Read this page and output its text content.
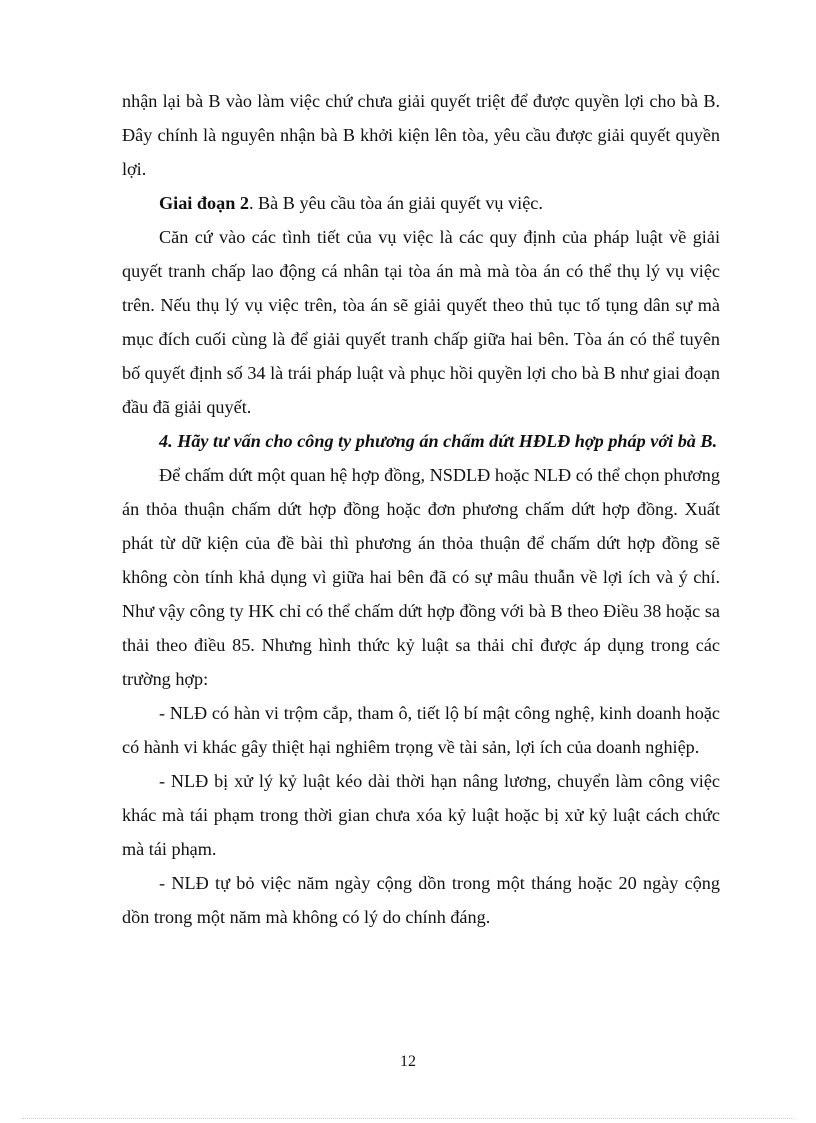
nhận lại bà B vào làm việc chứ chưa giải quyết triệt để được quyền lợi cho bà B. Đây chính là nguyên nhận bà B khởi kiện lên tòa, yêu cầu được giải quyết quyền lợi.

Giai đoạn 2. Bà B yêu cầu tòa án giải quyết vụ việc.

Căn cứ vào các tình tiết của vụ việc là các quy định của pháp luật về giải quyết tranh chấp lao động cá nhân tại tòa án mà mà tòa án có thể thụ lý vụ việc trên. Nếu thụ lý vụ việc trên, tòa án sẽ giải quyết theo thủ tục tố tụng dân sự mà mục đích cuối cùng là để giải quyết tranh chấp giữa hai bên. Tòa án có thể tuyên bố quyết định số 34 là trái pháp luật và phục hồi quyền lợi cho bà B như giai đoạn đầu đã giải quyết.

4. Hãy tư vấn cho công ty phương án chấm dứt HĐLĐ hợp pháp với bà B.

Để chấm dứt một quan hệ hợp đồng, NSDLĐ hoặc NLĐ có thể chọn phương án thỏa thuận chấm dứt hợp đồng hoặc đơn phương chấm dứt hợp đồng. Xuất phát từ dữ kiện của đề bài thì phương án thỏa thuận để chấm dứt hợp đồng sẽ không còn tính khả dụng vì giữa hai bên đã có sự mâu thuẫn về lợi ích và ý chí. Như vậy công ty HK chỉ có thể chấm dứt hợp đồng với bà B theo Điều 38 hoặc sa thải theo điều 85. Nhưng hình thức kỷ luật sa thải chỉ được áp dụng trong các trường hợp:

- NLĐ có hàn vi trộm cắp, tham ô, tiết lộ bí mật công nghệ, kinh doanh hoặc có hành vi khác gây thiệt hại nghiêm trọng về tài sản, lợi ích của doanh nghiệp.

- NLĐ bị xử lý kỷ luật kéo dài thời hạn nâng lương, chuyển làm công việc khác mà tái phạm trong thời gian chưa xóa kỷ luật hoặc bị xử kỷ luật cách chức mà tái phạm.

- NLĐ tự bỏ việc năm ngày cộng dồn trong một tháng hoặc 20 ngày cộng dồn trong một năm mà không có lý do chính đáng.

12
